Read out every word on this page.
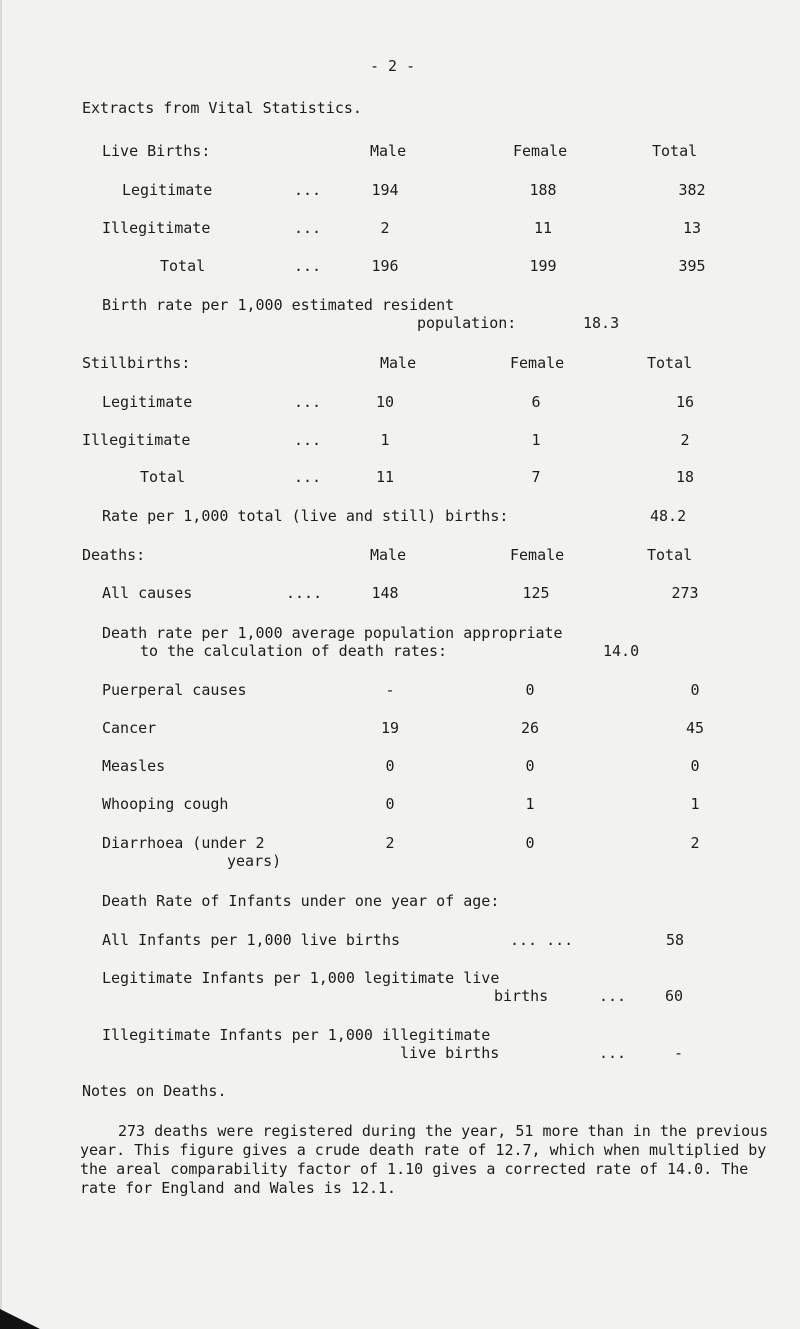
- 2 -
Extracts from Vital Statistics.
Live Births:	Male	Female	Total
Legitimate	...	194	188	382
Illegitimate	...	2	11	13
Total	...	196	199	395
Birth rate per 1,000 estimated resident
population:	18.3
Stillbirths:	Male	Female	Total
Legitimate	...	10	6	16
Illegitimate	...	1	1	2
Total	...	11	7	18
Rate per 1,000 total (live and still) births:	48.2
Deaths:	Male	Female	Total
All causes	....	148	125	273
Death rate per 1,000 average population appropriate
to the calculation of death rates:	14.0
Puerperal causes	-	0	0
Cancer	19	26	45
Measles	0	0	0
Whooping cough	0	1	1
Diarrhoea (under 2
years)
2	0	2
Death Rate of Infants under one year of age:
All Infants per 1,000 live births	... ...	58
Legitimate Infants per 1,000 legitimate live
births	...	60
Illegitimate Infants per 1,000 illegitimate
live births	...	-
Notes on Deaths.
273 deaths were registered during the year, 51 more than in the previous year. This figure gives a crude death rate of 12.7, which when multiplied by the areal comparability factor of 1.10 gives a corrected rate of 14.0. The rate for England and Wales is 12.1.
